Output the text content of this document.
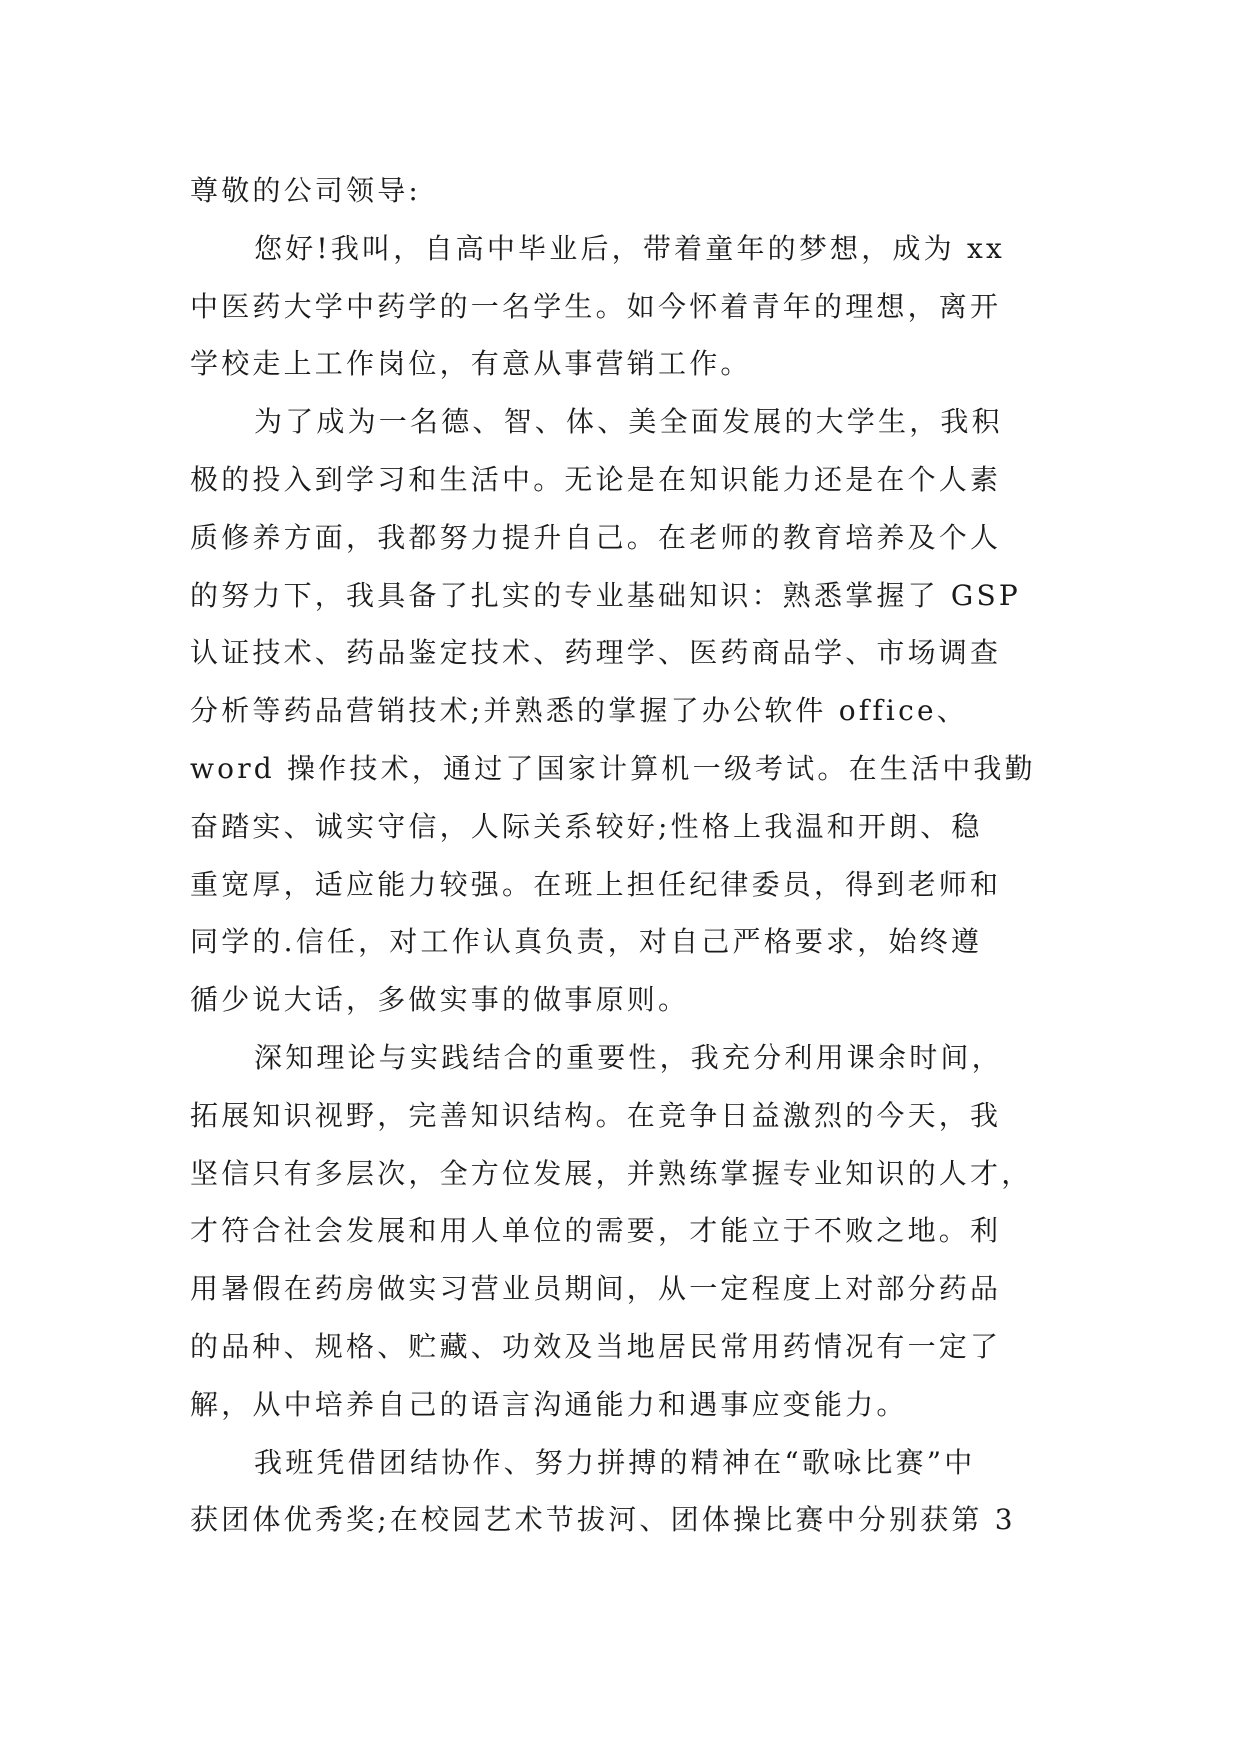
尊敬的公司领导:
您好!我叫，自高中毕业后，带着童年的梦想，成为 xx
中医药大学中药学的一名学生。如今怀着青年的理想，离开
学校走上工作岗位，有意从事营销工作。
为了成为一名德、智、体、美全面发展的大学生，我积
极的投入到学习和生活中。无论是在知识能力还是在个人素
质修养方面，我都努力提升自己。在老师的教育培养及个人
的努力下，我具备了扎实的专业基础知识：熟悉掌握了 GSP
认证技术、药品鉴定技术、药理学、医药商品学、市场调查
分析等药品营销技术;并熟悉的掌握了办公软件 office、
word 操作技术，通过了国家计算机一级考试。在生活中我勤
奋踏实、诚实守信，人际关系较好;性格上我温和开朗、稳
重宽厚，适应能力较强。在班上担任纪律委员，得到老师和
同学的.信任，对工作认真负责，对自己严格要求，始终遵
循少说大话，多做实事的做事原则。
深知理论与实践结合的重要性，我充分利用课余时间，
拓展知识视野，完善知识结构。在竞争日益激烈的今天，我
坚信只有多层次，全方位发展，并熟练掌握专业知识的人才，
才符合社会发展和用人单位的需要，才能立于不败之地。利
用暑假在药房做实习营业员期间，从一定程度上对部分药品
的品种、规格、贮藏、功效及当地居民常用药情况有一定了
解，从中培养自己的语言沟通能力和遇事应变能力。
我班凭借团结协作、努力拼搏的精神在“歌咏比赛”中
获团体优秀奖;在校园艺术节拔河、团体操比赛中分别获第 3
